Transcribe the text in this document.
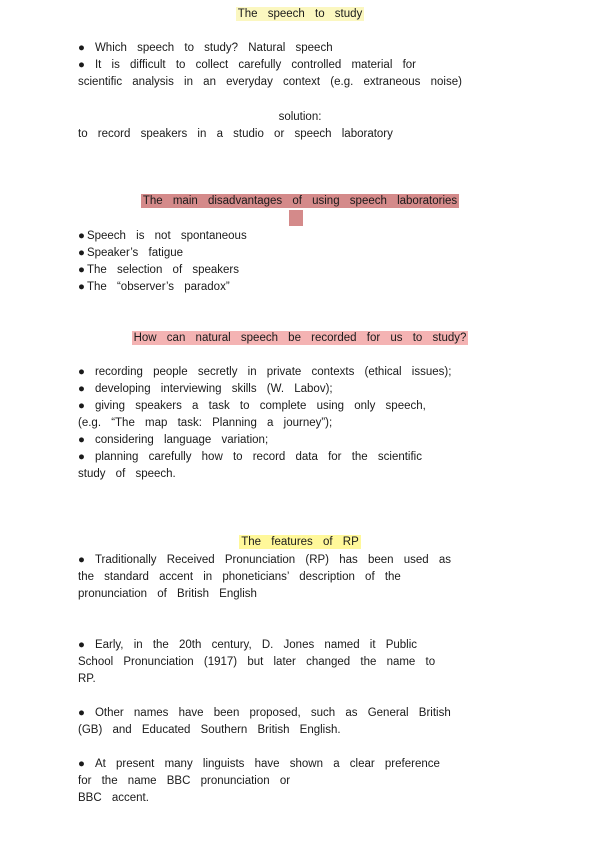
The speech to study
● Which speech to study? Natural speech
● It is difficult to collect carefully controlled material for
scientific analysis in an everyday context (e.g. extraneous noise)
solution:
to record speakers in a studio or speech laboratory
The main disadvantages of using speech laboratories
● Speech is not spontaneous
● Speaker’s fatigue
● The selection of speakers
● The “observer’s paradox”
How can natural speech be recorded for us to study?
● recording people secretly in private contexts (ethical issues);
● developing interviewing skills (W. Labov);
● giving speakers a task to complete using only speech,
(e.g. “The map task: Planning a journey”);
● considering language variation;
● planning carefully how to record data for the scientific
study of speech.
The features of RP
● Traditionally Received Pronunciation (RP) has been used as
the standard accent in phoneticians’ description of the
pronunciation of British English
● Early, in the 20th century, D. Jones named it Public
School Pronunciation (1917) but later changed the name to
RP.
● Other names have been proposed, such as General British
(GB) and Educated Southern British English.
● At present many linguists have shown a clear preference
for the name BBC pronunciation or
BBC accent.
